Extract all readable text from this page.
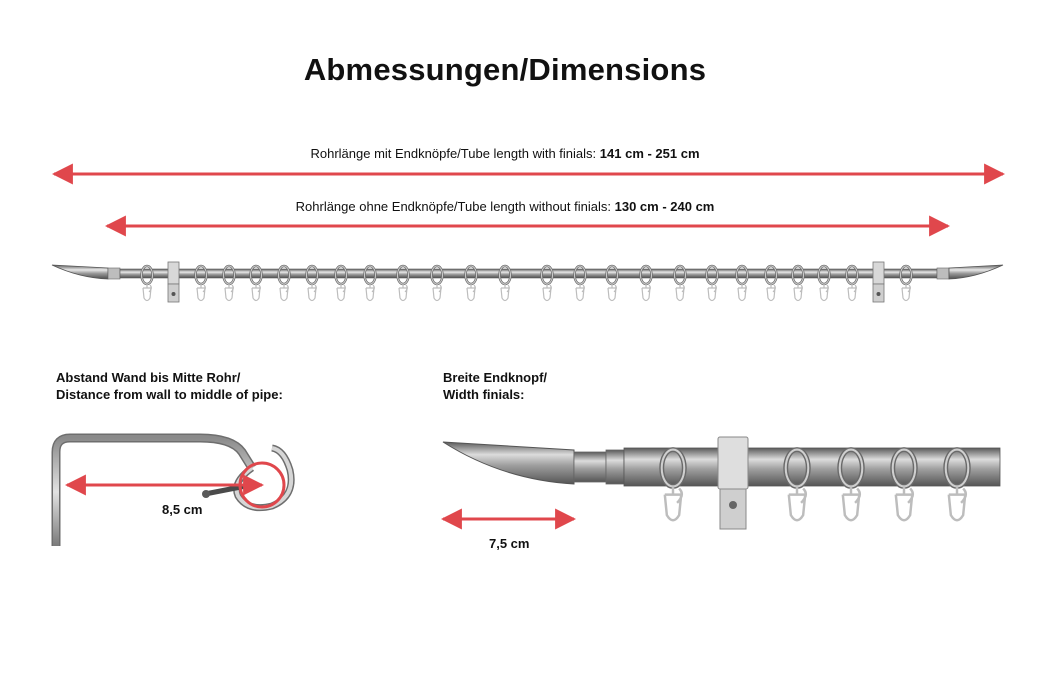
Abmessungen/Dimensions
Rohrlänge mit Endknöpfe/Tube length with finials: 141 cm - 251 cm
Rohrlänge ohne Endknöpfe/Tube length without finials: 130 cm - 240 cm
Abstand Wand bis Mitte Rohr/
Distance from wall to middle of pipe:
Breite Endknopf/
Width finials:
8,5 cm
7,5 cm
